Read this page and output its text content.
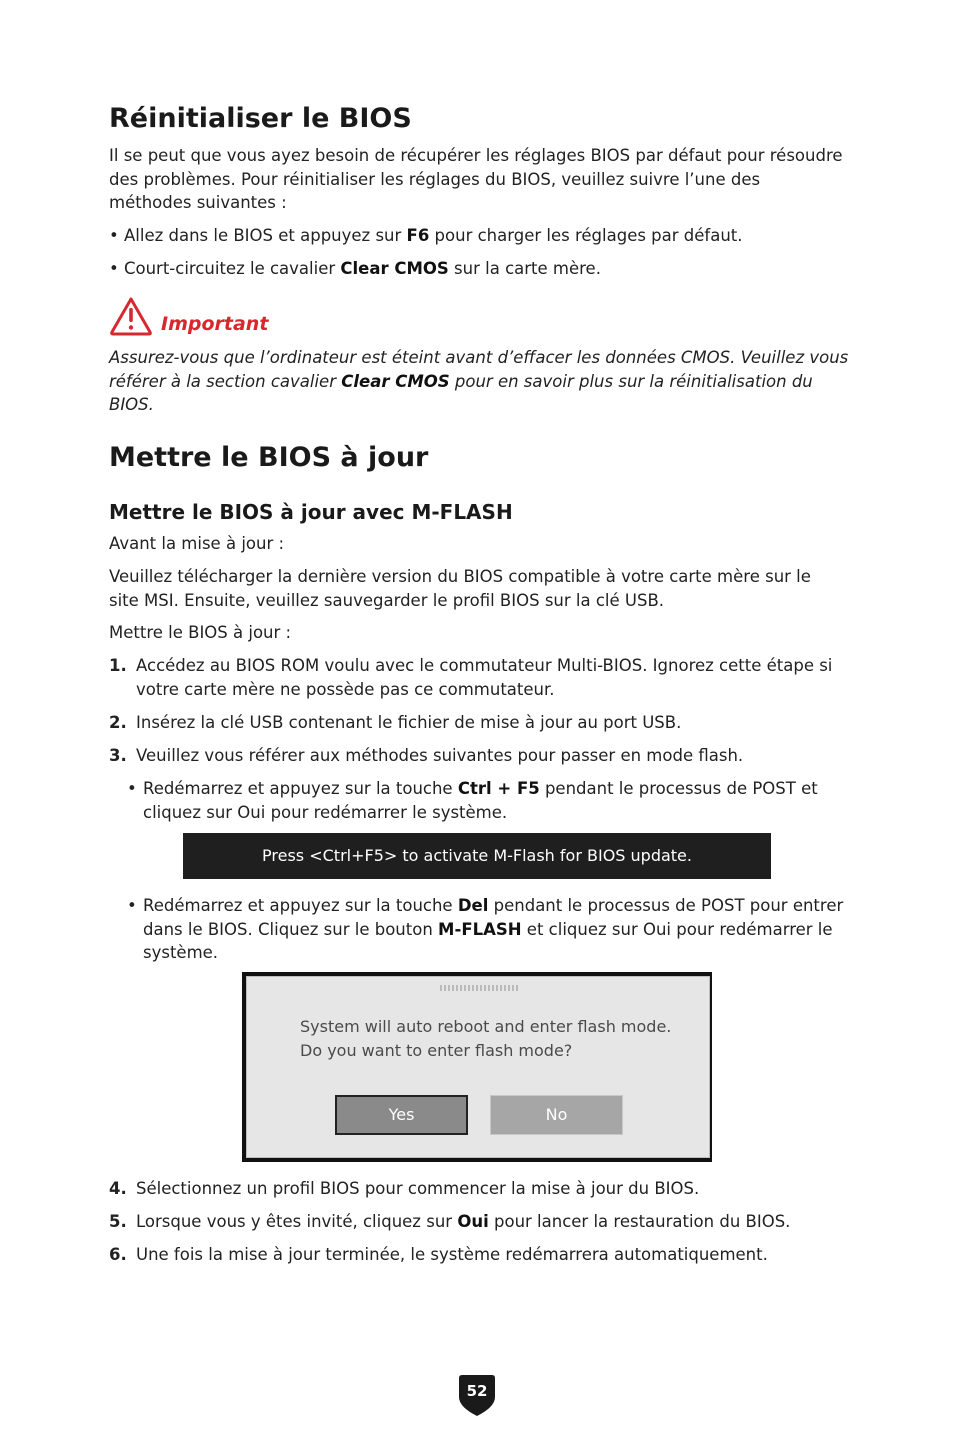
Réinitialiser le BIOS

Il se peut que vous ayez besoin de récupérer les réglages BIOS par défaut pour résoudre des problèmes. Pour réinitialiser les réglages du BIOS, veuillez suivre l’une des méthodes suivantes :

• Allez dans le BIOS et appuyez sur F6 pour charger les réglages par défaut.

• Court-circuitez le cavalier Clear CMOS sur la carte mère.

Important

Assurez-vous que l’ordinateur est éteint avant d’effacer les données CMOS. Veuillez vous référer à la section cavalier Clear CMOS pour en savoir plus sur la réinitialisation du BIOS.

Mettre le BIOS à jour
Mettre le BIOS à jour avec M-FLASH

Avant la mise à jour :

Veuillez télécharger la dernière version du BIOS compatible à votre carte mère sur le site MSI. Ensuite, veuillez sauvegarder le profil BIOS sur la clé USB.

Mettre le BIOS à jour :

1. Accédez au BIOS ROM voulu avec le commutateur Multi-BIOS. Ignorez cette étape si votre carte mère ne possède pas ce commutateur.
2. Insérez la clé USB contenant le fichier de mise à jour au port USB.
3. Veuillez vous référer aux méthodes suivantes pour passer en mode flash.
• Redémarrez et appuyez sur la touche Ctrl + F5 pendant le processus de POST et cliquez sur Oui pour redémarrer le système.
Press <Ctrl+F5> to activate M-Flash for BIOS update.
• Redémarrez et appuyez sur la touche Del pendant le processus de POST pour entrer dans le BIOS. Cliquez sur le bouton M-FLASH et cliquez sur Oui pour redémarrer le système.
System will auto reboot and enter flash mode.
Do you want to enter flash mode?
Yes	No
4. Sélectionnez un profil BIOS pour commencer la mise à jour du BIOS.
5. Lorsque vous y êtes invité, cliquez sur Oui pour lancer la restauration du BIOS.
6. Une fois la mise à jour terminée, le système redémarrera automatiquement.
52
